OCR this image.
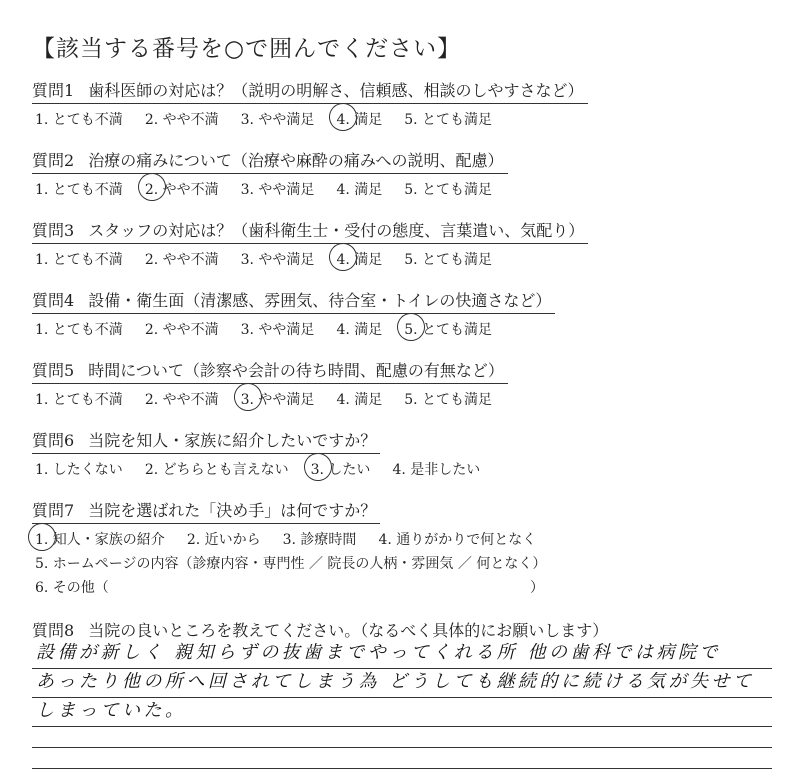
【該当する番号を○で囲んでください】
質問1 歯科医師の対応は？（説明の明解さ、信頼感、相談のしやすさなど）
1. とても不満 2. やや不満 3. やや満足 4. 満足 5. とても満足
質問2 治療の痛みについて（治療や麻酔の痛みへの説明、配慮）
1. とても不満 2. やや不満 3. やや満足 4. 満足 5. とても満足
質問3 スタッフの対応は？（歯科衛生士・受付の態度、言葉遣い、気配り）
1. とても不満 2. やや不満 3. やや満足 4. 満足 5. とても満足
質問4 設備・衛生面（清潔感、雰囲気、待合室・トイレの快適さなど）
1. とても不満 2. やや不満 3. やや満足 4. 満足 5. とても満足
質問5 時間について（診察や会計の待ち時間、配慮の有無など）
1. とても不満 2. やや不満 3. やや満足 4. 満足 5. とても満足
質問6 当院を知人・家族に紹介したいですか？
1. したくない 2. どちらとも言えない 3. したい 4. 是非したい
質問7 当院を選ばれた「決め手」は何ですか？
1. 知人・家族の紹介 2. 近いから 3. 診療時間 4. 通りがかりで何となく
5. ホームページの内容（診療内容・専門性 ／ 院長の人柄・雰囲気 ／ 何となく）
6. その他（	）
質問8 当院の良いところを教えてください。（なるべく具体的にお願いします）
設備が新しく 親知らずの抜歯までやってくれる所 他の歯科では病院で
あったり他の所へ回されてしまう為 どうしても継続的に続ける気が失せて
しまっていた。
